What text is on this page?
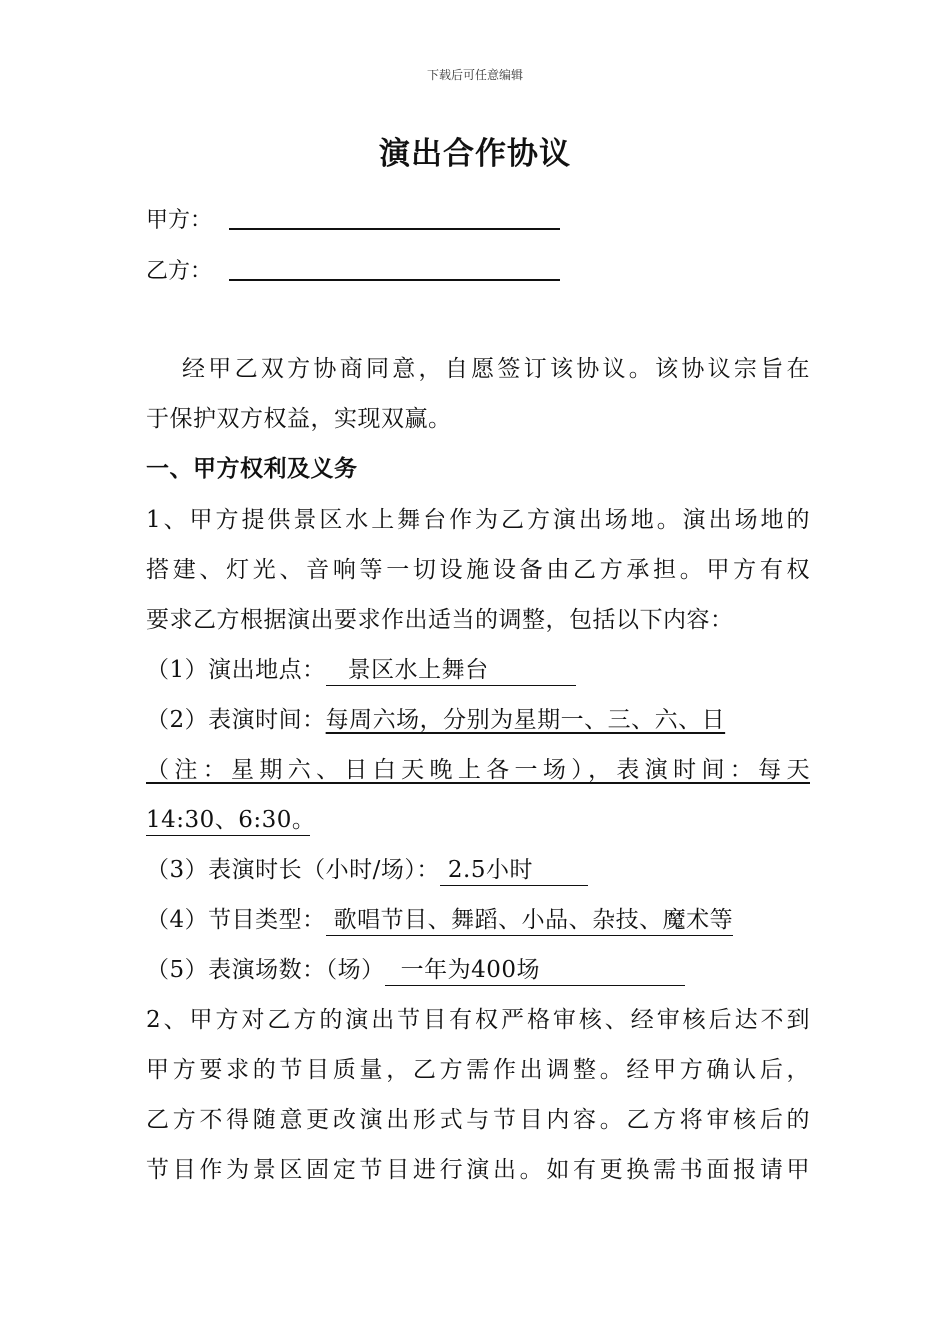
下载后可任意编辑
演出合作协议
甲方：
乙方：
经甲乙双方协商同意，自愿签订该协议。该协议宗旨在
于保护双方权益，实现双赢。
一、甲方权利及义务
1、甲方提供景区水上舞台作为乙方演出场地。演出场地的
搭建、灯光、音响等一切设施设备由乙方承担。甲方有权
要求乙方根据演出要求作出适当的调整，包括以下内容：
（1）演出地点： 景区水上舞台
（2）表演时间：每周六场，分别为星期一、三、六、日
（注：星期六、日白天晚上各一场），表演时间：每天
14:30、6:30。
（3）表演时长（小时/场）： 2.5小时
（4）节目类型： 歌唱节目、舞蹈、小品、杂技、魔术等
（5）表演场数：（场） 一年为400场
2、甲方对乙方的演出节目有权严格审核、经审核后达不到
甲方要求的节目质量，乙方需作出调整。经甲方确认后，
乙方不得随意更改演出形式与节目内容。乙方将审核后的
节目作为景区固定节目进行演出。如有更换需书面报请甲
